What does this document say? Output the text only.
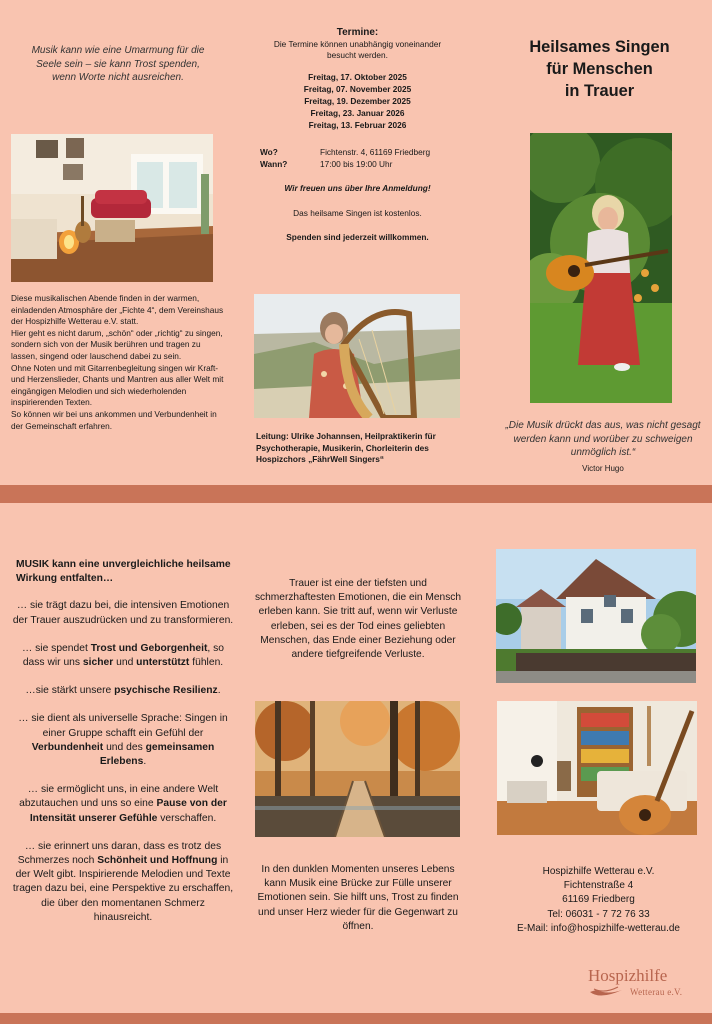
Musik kann wie eine Umarmung für die Seele sein – sie kann Trost spenden, wenn Worte nicht ausreichen.

Diese musikalischen Abende finden in der warmen, einladenden Atmosphäre der „Fichte 4“, dem Vereinshaus der Hospizhilfe Wetterau e.V. statt.

Hier geht es nicht darum, „schön“ oder „richtig“ zu singen, sondern sich von der Musik berühren und tragen zu lassen, singend oder lauschend dabei zu sein.

Ohne Noten und mit Gitarrenbegleitung singen wir Kraft- und Herzenslieder, Chants und Mantren aus aller Welt mit eingängigen Melodien und sich wiederholenden inspirierenden Texten.

So können wir bei uns ankommen und Verbundenheit in der Gemeinschaft erfahren.

Termine:

Die Termine können unabhängig voneinander besucht werden.

Freitag, 17. Oktober 2025

Freitag, 07. November 2025

Freitag, 19. Dezember 2025

Freitag, 23. Januar 2026

Freitag, 13. Februar 2026

Wo?	Fichtenstr. 4, 61169 Friedberg
Wann?	17:00 bis 19:00 Uhr
Wir freuen uns über Ihre Anmeldung!
Das heilsame Singen ist kostenlos.
Spenden sind jederzeit willkommen.
Leitung: Ulrike Johannsen, Heilpraktikerin für Psychotherapie, Musikerin, Chorleiterin des Hospizchors „FährWell Singers“

Heilsames Singen

für Menschen

in Trauer

„Die Musik drückt das aus, was nicht gesagt werden kann und worüber zu schweigen unmöglich ist.“
Victor Hugo

MUSIK kann eine unvergleichliche heilsame Wirkung entfalten…

… sie trägt dazu bei, die intensiven Emotionen der Trauer auszudrücken und zu transformieren.

… sie spendet Trost und Geborgenheit, so dass wir uns sicher und unterstützt fühlen.

…sie stärkt unsere psychische Resilienz.

… sie dient als universelle Sprache: Singen in einer Gruppe schafft ein Gefühl der Verbundenheit und des gemeinsamen Erlebens.

… sie ermöglicht uns, in eine andere Welt abzutauchen und uns so eine Pause von der Intensität unserer Gefühle verschaffen.

… sie erinnert uns daran, dass es trotz des Schmerzes noch Schönheit und Hoffnung in der Welt gibt. Inspirierende Melodien und Texte tragen dazu bei, eine Perspektive zu erschaffen, die über den momentanen Schmerz hinausreicht.

Trauer ist eine der tiefsten und schmerzhaftesten Emotionen, die ein Mensch erleben kann. Sie tritt auf, wenn wir Verluste erleben, sei es der Tod eines geliebten Menschen, das Ende einer Beziehung oder andere tiefgreifende Verluste.
In den dunklen Momenten unseres Lebens kann Musik eine Brücke zur Fülle unserer Emotionen sein. Sie hilft uns, Trost zu finden und unser Herz wieder für die Gegenwart zu öffnen.

Hospizhilfe Wetterau e.V.

Fichtenstraße 4

61169 Friedberg

Tel: 06031 - 7 72 76 33

E-Mail: info@hospizhilfe-wetterau.de

Hospizhilfe
Wetterau e.V.
